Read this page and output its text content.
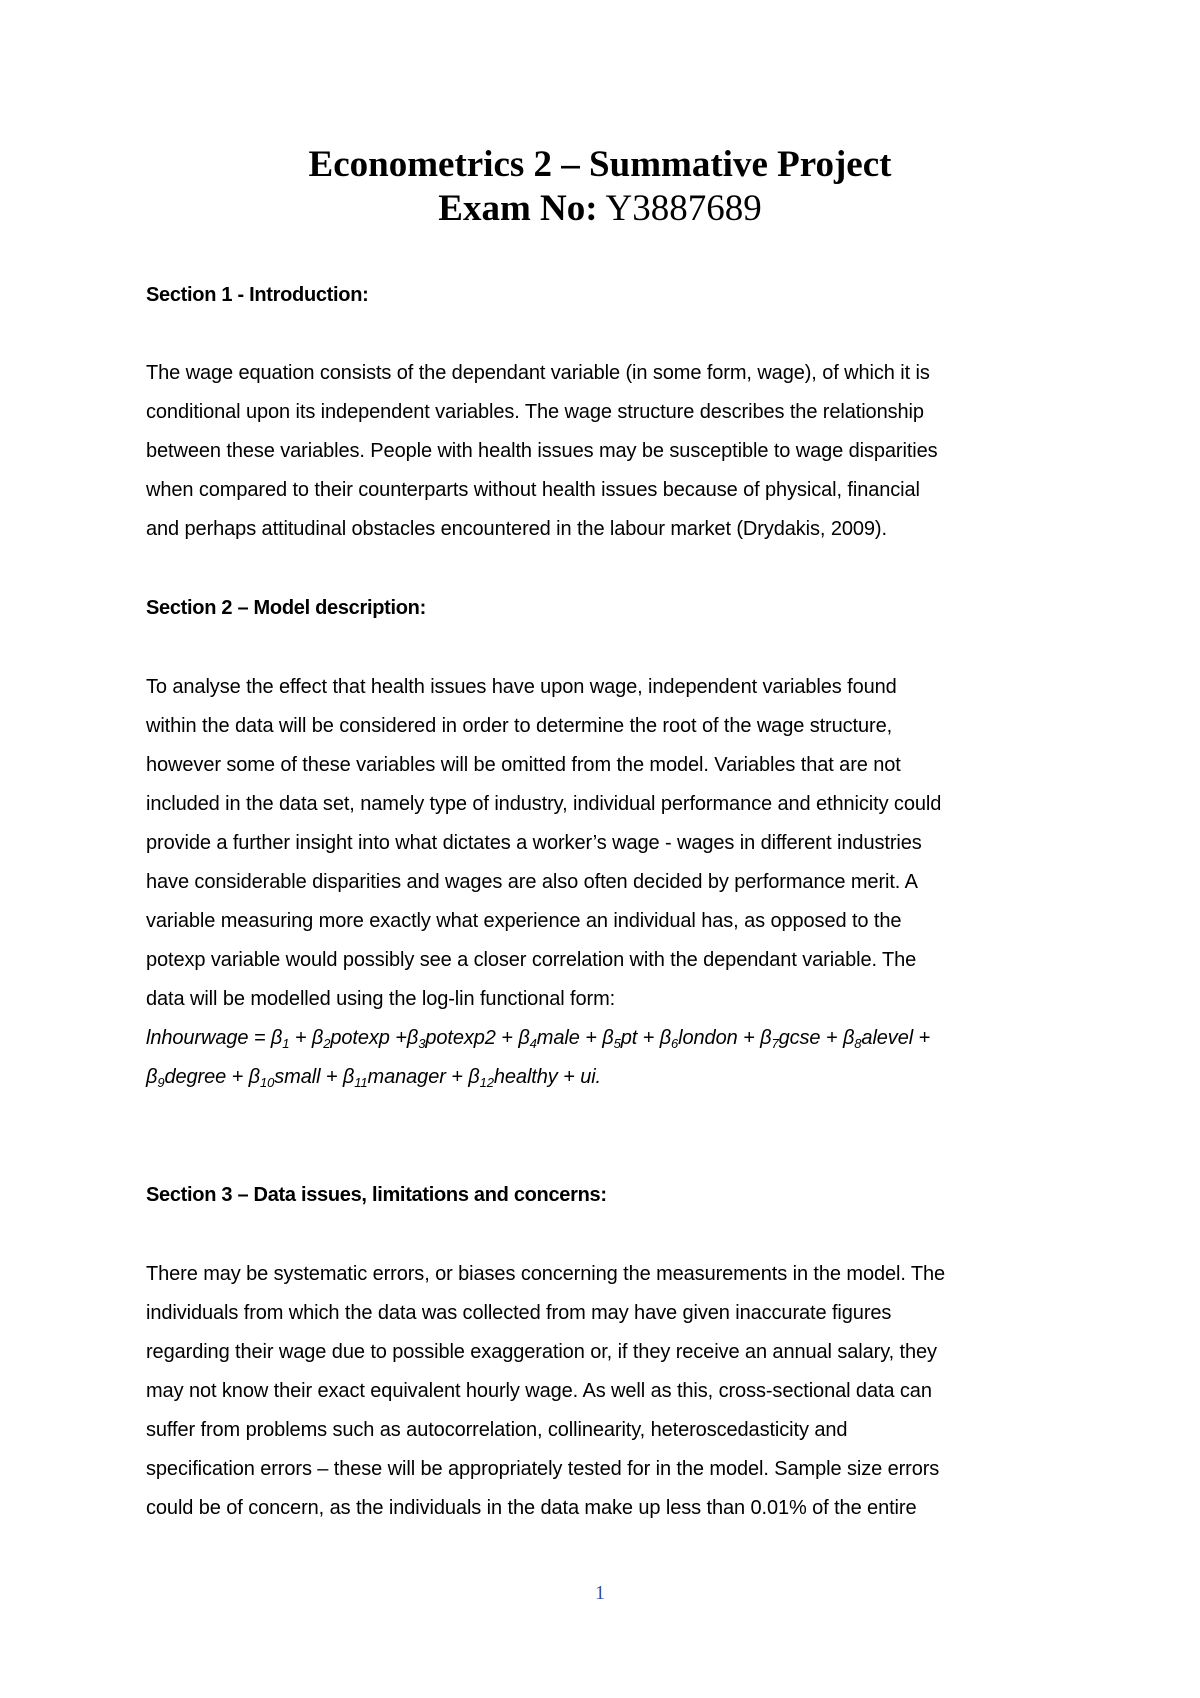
Econometrics 2 – Summative Project
Exam No: Y3887689
Section 1 - Introduction:
The wage equation consists of the dependant variable (in some form, wage), of which it is
conditional upon its independent variables. The wage structure describes the relationship
between these variables. People with health issues may be susceptible to wage disparities
when compared to their counterparts without health issues because of physical, financial
and perhaps attitudinal obstacles encountered in the labour market (Drydakis, 2009).
Section 2 – Model description:
To analyse the effect that health issues have upon wage, independent variables found
within the data will be considered in order to determine the root of the wage structure,
however some of these variables will be omitted from the model. Variables that are not
included in the data set, namely type of industry, individual performance and ethnicity could
provide a further insight into what dictates a worker’s wage - wages in different industries
have considerable disparities and wages are also often decided by performance merit. A
variable measuring more exactly what experience an individual has, as opposed to the
potexp variable would possibly see a closer correlation with the dependant variable. The
data will be modelled using the log-lin functional form:
lnhourwage = $\beta_1 + \beta_2potexp +\beta_3potexp2$ + $\beta_4male + \beta_5pt$ + $\beta_6london$ + $\beta_7gcse$ + $\beta_8alevel$ +
$\beta_9degree$ + $\beta_{10}small$ + $\beta_{11}manager$ + $\beta_{12}healthy$ + ui.
Section 3 – Data issues, limitations and concerns:
There may be systematic errors, or biases concerning the measurements in the model. The
individuals from which the data was collected from may have given inaccurate figures
regarding their wage due to possible exaggeration or, if they receive an annual salary, they
may not know their exact equivalent hourly wage. As well as this, cross-sectional data can
suffer from problems such as autocorrelation, collinearity, heteroscedasticity and
specification errors – these will be appropriately tested for in the model. Sample size errors
could be of concern, as the individuals in the data make up less than 0.01% of the entire
1
